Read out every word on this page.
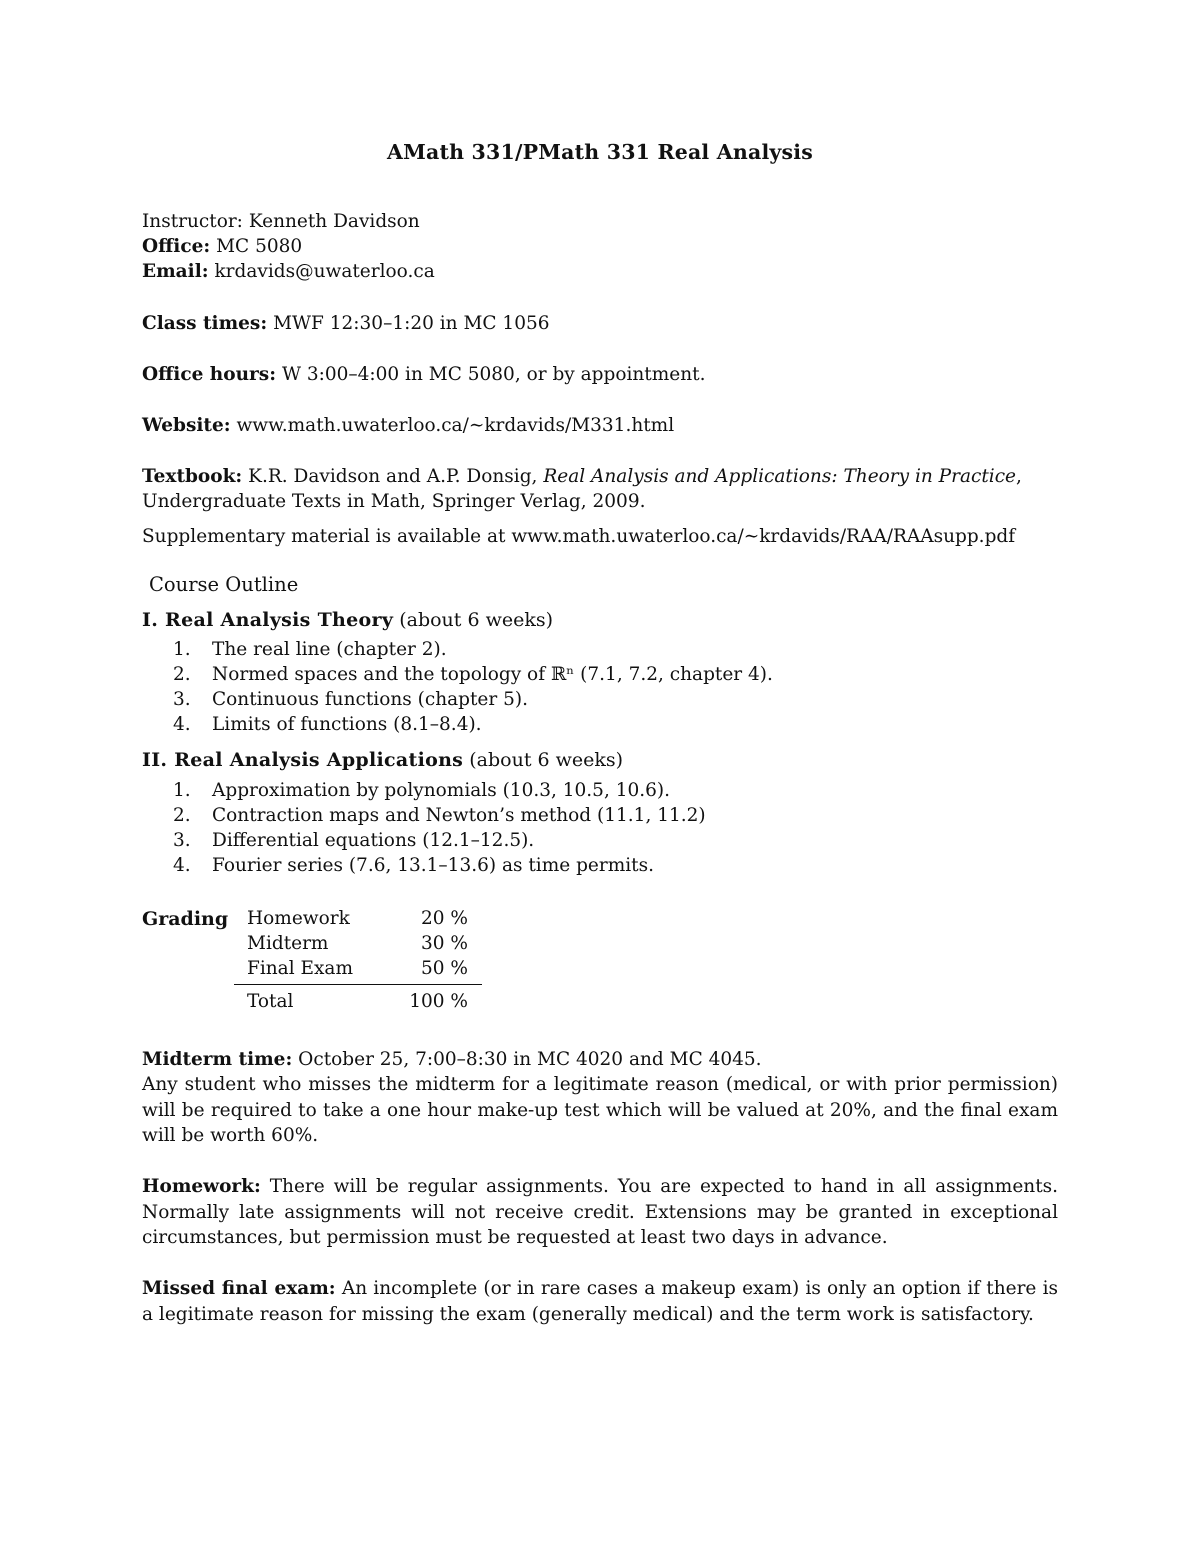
AMath 331/PMath 331 Real Analysis
Instructor: Kenneth Davidson
Office: MC 5080
Email: krdavids@uwaterloo.ca
Class times: MWF 12:30–1:20 in MC 1056
Office hours: W 3:00–4:00 in MC 5080, or by appointment.
Website: www.math.uwaterloo.ca/∼krdavids/M331.html
Textbook: K.R. Davidson and A.P. Donsig, Real Analysis and Applications: Theory in Practice,
Undergraduate Texts in Math, Springer Verlag, 2009.
Supplementary material is available at www.math.uwaterloo.ca/∼krdavids/RAA/RAAsupp.pdf
Course Outline
I. Real Analysis Theory (about 6 weeks)
1. The real line (chapter 2).
2. Normed spaces and the topology of ℝⁿ (7.1, 7.2, chapter 4).
3. Continuous functions (chapter 5).
4. Limits of functions (8.1–8.4).
II. Real Analysis Applications (about 6 weeks)
1. Approximation by polynomials (10.3, 10.5, 10.6).
2. Contraction maps and Newton’s method (11.1, 11.2)
3. Differential equations (12.1–12.5).
4. Fourier series (7.6, 13.1–13.6) as time permits.
Grading Homework	20 %
Midterm	30 %
Final Exam	50 %
Total	100 %
Midterm time: October 25, 7:00–8:30 in MC 4020 and MC 4045.
Any student who misses the midterm for a legitimate reason (medical, or with prior permission) will be required to take a one hour make-up test which will be valued at 20%, and the final exam will be worth 60%.
Homework: There will be regular assignments. You are expected to hand in all assignments. Normally late assignments will not receive credit. Extensions may be granted in exceptional circumstances, but permission must be requested at least two days in advance.
Missed final exam: An incomplete (or in rare cases a makeup exam) is only an option if there is a legitimate reason for missing the exam (generally medical) and the term work is satisfactory.
